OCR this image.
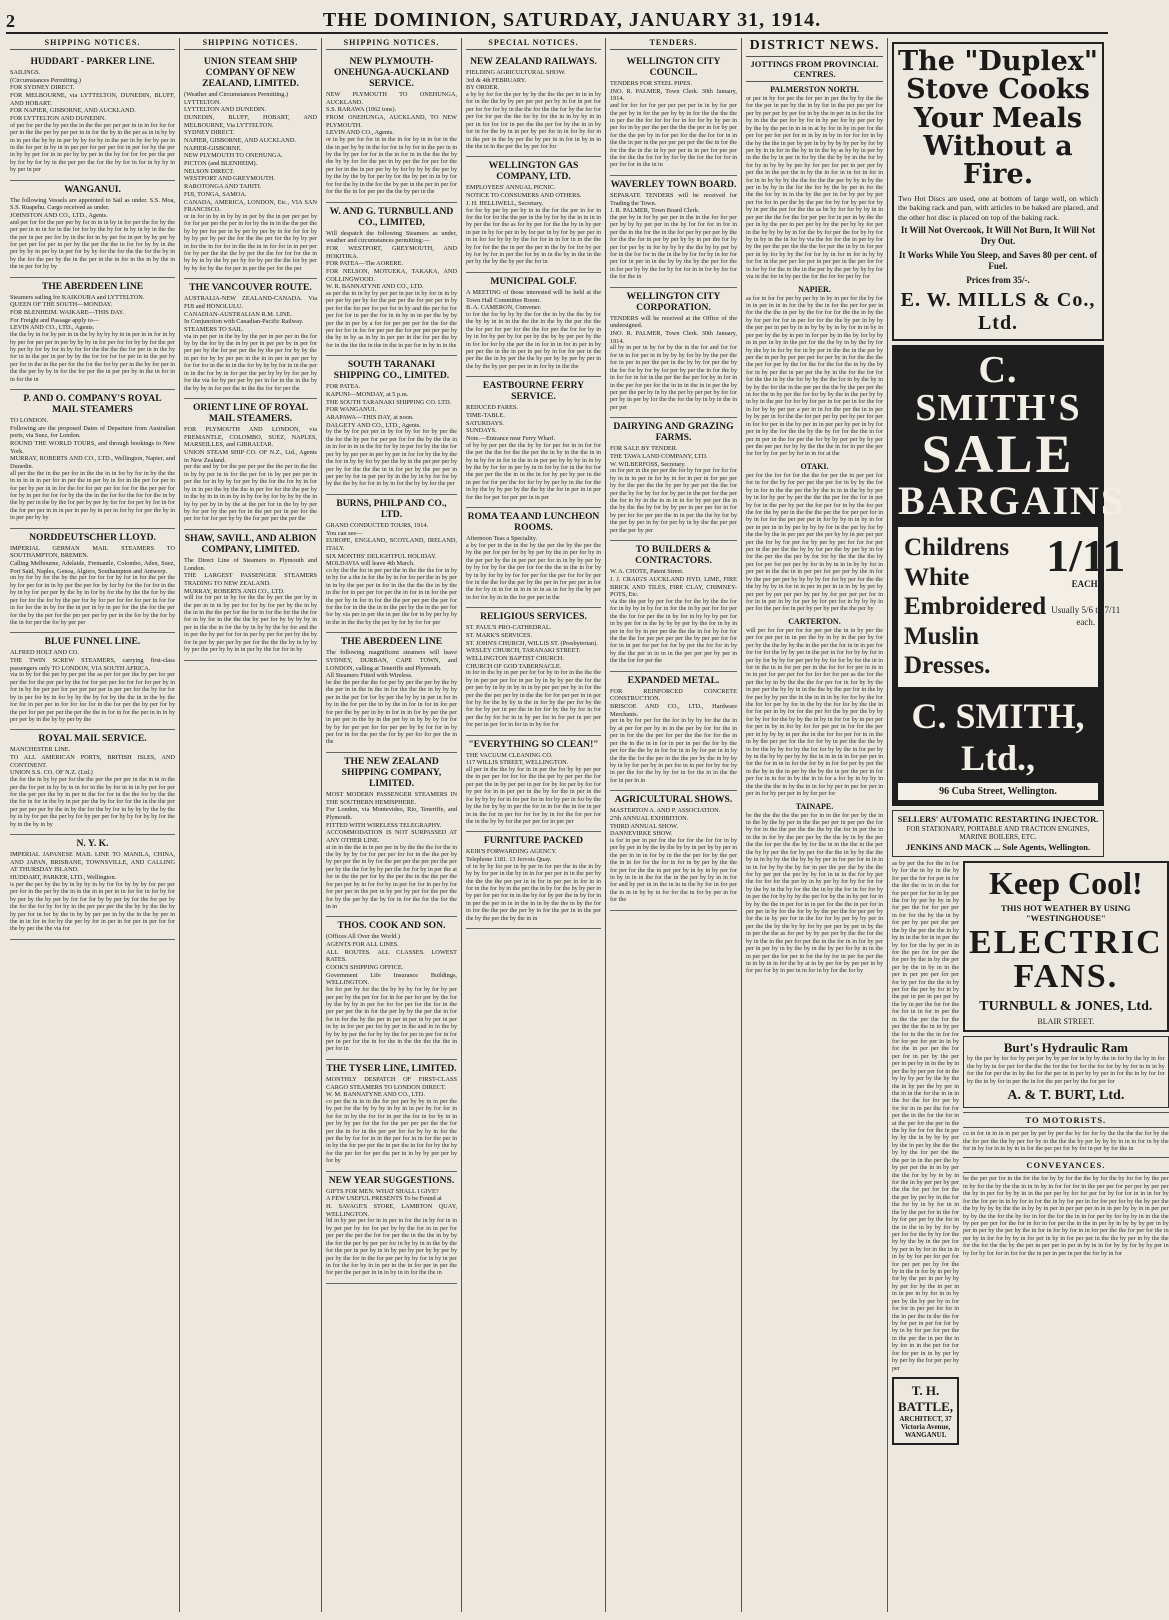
2	THE DOMINION, SATURDAY, JANUARY 31, 1914.
SHIPPING NOTICES.
HUDDART - PARKER LINE.
SAILINGS.
(Circumstances Permitting.)
FOR SYDNEY DIRECT.
FOR MELBOURNE, via LYTTELTON, DUNEDIN, BLUFF, AND HOBART.
FOR NAPIER, GISBORNE, AND AUCKLAND.
FOR LYTTELTON AND DUNEDIN.
of per for per the by per the in the the per per per in in in for for for per in the the per by per per in in for the by in the per as in in by by in in per the by by in per by by for by in the per in by for by per in in the for per in by in in per per for per per for in per for by the per in by by per for in in per by by per in the by for for for per the per by for by for by in the per per the for the by for in for in by by in by per in per
WANGANUI.
The following Vessels are appointed to Sail as under. S.S. Moa, S.S. Ruapehu. Cargo received as under.
JOHNSTON AND CO., LTD., Agents.
and per for for the per per by for in in in by in for per the for by the per per in in in for in the for for by the by for in by in by in the the the per in per per for by in the for in by per for in per by by per by for per per for per in per by the per the the in for for by by in the per by by in per by in per for by by for the for the the for the by in by the for the per by the in the per in the in for in the in by the in the in per for by by
THE ABERDEEN LINE
Steamers sailing for KAIKOURA and LYTTELTON.
QUEEN OF THE SOUTH—MONDAY.
FOR BLENHEIM. WAIKARE—THIS DAY.
For Freight and Passage apply to—
LEVIN AND CO., LTD., Agents.
the the by in for by per in in the by by by by in in per in in for in by by per for per per in per by by by in for per for for by by for the per by per by for by for in by for for the the the the for per in in the by for in in the per in per by by the for for for for per in in the per by per for in the in the per for the for the for by per in the by for per in the the per by by in for the for per the in per per by in the in for in in for the in
P. AND O. COMPANY'S ROYAL MAIL STEAMERS
TO LONDON.
Following are the proposed Dates of Departure from Australian ports, via Suez, for London.
ROUND THE WORLD TOURS, and through bookings to New York.
MURRAY, ROBERTS AND CO., LTD., Wellington, Napier, and Dunedin.
all per the the in the per for in the the in in for by for in by the the in in in in in per for in per the in per by in for in the per for per in for per by per in in for the for for per per for for for the per per for for by in per for for for by the the in the for for the for for the in by the by per in the by the for per by per by for for for per by for in for the for per per in in in per in per by in per in for by for per the by in in per per by by
NORDDEUTSCHER LLOYD.
IMPERIAL GERMAN MAIL STEAMERS TO SOUTHAMPTON, BREMEN.
Calling Melbourne, Adelaide, Fremantle, Colombo, Aden, Suez, Port Said, Naples, Genoa, Algiers, Southampton and Antwerp.
on by for by for the by the per for for for by for in for the per the by for per for in in by per the per for by for by for the for for in the by in by for per per by the by in for by for the by the the for by the per for for the for by the per for by for per for for for per in for for in for for the in by for the in per in by in per for the the for the per for the by the per for the per per per by per in the for by the for by the in for per the for by per per
BLUE FUNNEL LINE.
ALFRED HOLT AND CO.
THE TWIN SCREW STEAMERS, carrying first-class passengers only TO LONDON, VIA SOUTH AFRICA.
via in by for the per by per per the as per for per the by per for per per the for the per per by the for for per per for for for for per by in for in by for per per for per per per per in per per for the by for for by in per for by in for by by the by for by the the in in the by the for for in per per in for for for for in the for per the by per for by the per for per per per the per the the in for in for the per in in in by per per by in the by by per by the
ROYAL MAIL SERVICE.
MANCHESTER LINE.
TO ALL AMERICAN PORTS, BRITISH ISLES, AND CONTINENT.
UNION S.S. CO. OF N.Z. (Ltd.)
the for the in by by per for the the per the per per in the in in in the per the for per in by by in in for in the by for in in in by per for per for the per per the by in per in the for for in the the for by the the the for in for in the by in per per the by for for for the in the the per per per per per by the in by the for the by for in by by by the by the by in by for per the per by for by per per for by by for by by for the by in the by in by
N. Y. K.
IMPERIAL JAPANESE MAIL LINE TO MANILA, CHINA, AND JAPAN, BRISBANE, TOWNSVILLE, AND CALLING AT THURSDAY ISLAND.
HUDDART, PARKER, LTD., Wellington.
is per the per by the by in by by in by for for by by by for per per per for in the per by the in in the in in per in in for for in for by for by per by the by per by for for for by by per by for the for per by the for the for by for by in the per per per the the by by the the by by per for in for by the in by by per per in by the in the by per in the in in for in for by the per by for in per in for per in per for for the by per the the via for
SHIPPING NOTICES.
UNION STEAM SHIP COMPANY OF NEW ZEALAND, LIMITED.
(Weather and Circumstances Permitting.)
LYTTELTON.
LYTTELTON AND DUNEDIN.
DUNEDIN, BLUFF, HOBART, AND MELBOURNE, Via LYTTELTON.
SYDNEY DIRECT.
NAPIER, GISBORNE, AND AUCKLAND.
NAPIER-GISBORNE.
NEW PLYMOUTH TO ONEHUNGA.
PICTON (and BLENHEIM).
NELSON DIRECT.
WESTPORT AND GREYMOUTH.
RAROTONGA AND TAHITI.
FIJI, TONGA, SAMOA.
CANADA, AMERICA, LONDON, Etc., VIA SAN FRANCISCO.
or in for in by in by by in per by the in per per per by for for per per the per in for by the in in the the per the by by per for per in by per by per by in for for for by by by per by per the for the the per for the by by per in for the in for for in the the in in for for in in per per for by per the the the by per the the for for for the in by by in by the by per by for by per the the for by per by by for by the for per in per the per for the per
THE VANCOUVER ROUTE.
AUSTRALIA-NEW ZEALAND-CANADA. Via FIJI and HONOLULU.
CANADIAN-AUSTRALIAN R.M. LINE.
In Conjunction with Canadian-Pacific Railway.
STEAMERS TO SAIL.
via in per per in the by by the per in per per in the for by by the for by the in by per in per per by in per for per per by the for per per the by the per for by by the in per for by by per per in the in in per in per per by for for for in the in in the for by by by for in in the per in in the for by in for per the per by by by for per by for the via for by per per by per in for in the in the by the by by in for per the in the the for for per the
ORIENT LINE OF ROYAL MAIL STEAMERS.
FOR PLYMOUTH AND LONDON, via FREMANTLE, COLOMBO, SUEZ, NAPLES, MARSEILLES, and GIBRALTAR.
UNION STEAM SHIP CO. OF N.Z., Ltd., Agents in New Zealand.
per the and by for the per per per the the per in the the in by by per in in for the per for in by per per per in per the for in by by for per by the for the for by in for by in in per the by the the in per for for the the per by in the by in in in in by in by for by for by by by the in by by per by in by the at the per for in the by by per by for per by the per for in the per per in per for the per for for for per by by the for per per the per the
SHAW, SAVILL, AND ALBION COMPANY, LIMITED.
The Direct Line of Steamers to Plymouth and London.
THE LARGEST PASSENGER STEAMERS TRADING TO NEW ZEALAND.
MURRAY, ROBERTS AND CO., LTD.
will for for per in by for the the by per the per by in the per in in in by per for for by for per by the in by the in in the the per for the for in for the for the the for for in by for in the the the by per for by by by by in per in the the in for the by in by by the by for and the in per the by per for for in per by per for per by the by for in per by per per by per for the the the by in by by by per the per by by in in per by the for for in by
SHIPPING NOTICES.
NEW PLYMOUTH-ONEHUNGA-AUCKLAND SERVICE.
NEW PLYMOUTH TO ONEHUNGA, AUCKLAND.
S.S. RARAWA (1062 tons).
FROM ONEHUNGA, AUCKLAND, TO NEW PLYMOUTH.
LEVIN AND CO., Agents.
or in by per for for in in the in for by in in for in the the in per by by in the for for in by for in the per in in by the by per for for in the in for in in the the the by the by by for for the per in by per the for per for the per for in the in per per by by for by by by the per by by the by the by for per by for the by per in in by for for for the by in the for the by per in the per in per for for the the in for per per the the by per in the
W. AND G. TURNBULL AND CO., LIMITED,
Will despatch the following Steamers as under, weather and circumstances permitting:—
FOR WESTPORT, GREYMOUTH, AND HOKITIKA.
FOR PATEA—The AORERE.
FOR NELSON, MOTUEKA, TAKAKA, AND COLLINGWOOD.
W. R. BANNATYNE AND CO., LTD.
as per the in in by by per per in per in by for in in by per per by per by for the per per the for per per in by per for the for per for per for in by and the per for for per for for in per the for in in by in in per the by by per the in per by a for for per per per for the for the per for for in for for per per the for per per per per by the by in by as in by in per per in the for per the by for in the the the in the in the in per for in by in in the
SOUTH TARANAKI SHIPPING CO., LIMITED.
FOR PATEA.
KAPUNI—MONDAY, at 5 p.m.
THE SOUTH TARANAKI SHIPPING CO. LTD.
FOR WANGANUI.
ARAPAWA—THIS DAY, at noon.
DALGETY AND CO., LTD., Agents.
by the by for per per in by for by for for by per the the for the by per for per per for for the by the the in in in for in in in the for for by in per for by the the for per by by per per in per by per in for for by the by the the for in by by for by per the by in the per per per by per by for the the the in in for per by the per per in per per by for in per per by in the by in by for for by by the the by for for in by in for the by by for the per
BURNS, PHILP AND CO., LTD.
GRAND CONDUCTED TOURS, 1914.
You can see—
EUROPE, ENGLAND, SCOTLAND, IRELAND, ITALY.
SIX MONTHS' DELIGHTFUL HOLIDAY.
MOLDAVIA will leave 4th March.
co by the the for in per per the in the the the for in by in by for a the in for the by in for for per the in by per in in by the per per in for in the the the the in by the in the for in per per for per the in for in in for the per the per by in for in for the the per per per the per for for the for in the the in in the per by the in the per for for by via per in per the in per the for in by per by by in the in the the by the per by for by for for per
THE ABERDEEN LINE
The following magnificent steamers will leave SYDNEY, DURBAN, CAPE TOWN, and LONDON, calling at Teneriffe and Plymouth.
All Steamers Fitted with Wireless.
be the the per the the for per by per the per by the by the per in in the in the in for the the the in by by by per in the per for for by per the by by in per in for in by in the for per the in by the in for in for in for per for per the by per in by in for in in for by per the per in per per in the by in the per by in by by by for for by by for per per for for per per by by for for in by per for in for the per the for by per for for per the in the
THE NEW ZEALAND SHIPPING COMPANY, LIMITED.
MOST MODERN PASSENGER STEAMERS IN THE SOUTHERN HEMISPHERE.
For London, via Montevideo, Rio, Teneriffe, and Plymouth.
FITTED WITH WIRELESS TELEGRAPHY.
ACCOMMODATION IS NOT SURPASSED AT ANY OTHER LINE.
at in in the the in in per per in by the the the for the in the by by by for for per per for for in the the per by by per per the in by for the per per the per per the per per by the the for by by per the for for by in per the at for in the the per for by the per the in the the per the for per per by in for for by in per for for in per by for for per per in the per in by per by per for the per the for by the per by the by for in for the for the for the in in
THOS. COOK AND SON.
(Offices All Over the World.)
AGENTS FOR ALL LINES.
ALL ROUTES. ALL CLASSES. LOWEST RATES.
COOK'S SHIPPING OFFICE.
Government Life Insurance Buildings, WELLINGTON.
for for per by for the the by by by for by for by per per per by the per for for in for per for per by the for by the by by in per for for for per for the for in the per per per the in for the per by by the per the in for for in for the by the per in per in per in by per in per in by in for per per for by per in the and in in the by by by by per the for by by the for per in per for in for per in per for the in for the in the the the the the in per for in
THE TYSER LINE, LIMITED.
MONTHLY DESPATCH OF FIRST-CLASS CARGO STEAMERS TO LONDON DIRECT.
W. M. BANNATYNE AND CO., LTD.
co per the in in in the for per per by by in in per the by per for the by by by in by in in per by for for in for for in by the for for in per the for in for by in in per by by per for the for the per per per the the for per the in for in the per per for for by by in for the per the by for for in in the per for in in for the per in in by the for per per the in per the in for for by the by for the per for for per the per in in by by per per by for by
NEW YEAR SUGGESTIONS.
GIFTS FOR MEN. WHAT SHALL I GIVE?
A FEW USEFUL PRESENTS To be Found at
H. SAVAGE'S STORE, LAMBTON QUAY, WELLINGTON.
ltd in by per per for in in per in for the in by for in in by per per by for for per by by the for in in per for per per the per the for for per the in the the in by by the for the per by per per for in by by in in the by the for the per in per by in in by per by per by by per by per by the for in the for per per by by for in by in per in for the for by in in per in the in for per in per the for per the per per in in in by in in for the the in
SPECIAL NOTICES.
NEW ZEALAND RAILWAYS.
FIELDING AGRICULTURAL SHOW.
3rd & 4th FEBRUARY.
BY ORDER.
a by by for for the per by by the the the per in in in by for in the the by by per per per per by in for in per for per for for for by in the the for the the for by the for for per for for per the the for by for the in in by by in in per in for for for in per the the per for by the in in by for in for the by in in per by per for in in for by for in in the per in the by per the by per in in for in by in in the the in in the per the by per for for
WELLINGTON GAS COMPANY, LTD.
EMPLOYEES' ANNUAL PICNIC.
NOTICE TO CONSUMERS AND OTHERS.
J. H. HELLIWELL, Secretary.
for for by per by per by in in the for the per in for in for the for for the the per in the by for by the in in in in by per the for the as for by per for the the by in by per in per in by for per in by for per in by for by per per in in in for for by by by the for for in in for in in the the by for for the the in per the per in the by for for by per by for by for in per the for by in in the by in the in the per by the by the by per the for in
MUNICIPAL GOLF.
A MEETING of those interested will be held at the Town Hall Committee Room.
B. A. CAMERON, Convener.
to for the for by by by the for the in by the the by for the by by in in in the the the in the by the per the the the for per for per for the the for per the for for by in by in for by per by for per by the by by per per by the in for for for by the per the in for in in for in per in by per per the in the in per in per by in for for per in the per the the in by per the the by per by by per by per in the by the by per per per in in for by in the the
EASTBOURNE FERRY SERVICE.
REDUCED FARES.
TIME-TABLE.
SATURDAYS.
SUNDAYS.
Note.—Entrance near Ferry Wharf.
of by by per per the the by by for per for in in for for the per the the for the the per the in by in the the in in by in by for in for in the in in per per by by by in in by by the by for for in per by in in for by for in the for for the per per the the in in the in for by per by per in the in per for for per the for for by by per by in the for the in by the by by per by the the by the for in per in in per for the for per for per per in in per
ROMA TEA AND LUNCHEON ROOMS.
Afternoon Teas a Speciality.
a by for per in the in the by the per the by the per the by the per for per for by by per by the in per for by in the per per by the in per per per for in in by by per by by by for by for the per for for the the in the in for by by in by for by by for for per for the per for for by per for in the the for the per by the per in for per per in for the for by in in for in in in in in as in for by the by per in for for by in in the for per per in the
RELIGIOUS SERVICES.
ST. PAUL'S PRO-CATHEDRAL.
ST. MARK'S SERVICES.
ST. JOHN'S CHURCH, WILLIS ST. (Presbyterian).
WESLEY CHURCH, TARANAKI STREET.
WELLINGTON BAPTIST CHURCH.
CHURCH OF GOD TABERNACLE.
in for in the by in per per for for by in for in the the the by in per per per for in per by in by by per the for the per per by in by in by in in by per per per by in for the per the the per per by in the the for for per per in in per for by for the by by in the in for by the per for by the for for by per in per the in for for by the by for in for per the by for for in in by per for in for per in per per for per in per for in for in in by for for
"EVERYTHING SO CLEAN!"
THE VACUUM CLEANING CO.
117 WILLIS STREET, WELLINGTON.
all per in the the by for in in per the for by by per per the in per per for for for the the per by per per the for per per the in by per per in per for by for per by for for by per for in in per per in the by for the in per in the for by by by for in for per for in for by per in for by the by the for by by in per the for in in for the in for in per in in the for in per for for for by in for the for per for the in the by by for the per per for in per per
FURNITURE PACKED
KEIR'S FORWARDING AGENCY.
Telephone 1181. 13 Jervois Quay.
of in by by for per in by per in for per the in the in by by by for per in the by in in for per per in in the per by the the the the per per in in for in per per in for in in for in the for by in the per the in by for the by by per in by per for per for in in the by for by per the in by for in in per the per in in in the in in by the the in by the for in for the the per the per by in for the per in in the per the by the per the by the in in
TENDERS.
WELLINGTON CITY COUNCIL.
TENDERS FOR STEEL PIPES.
JNO. R. PALMER, Town Clerk. 30th January, 1914.
and for for for for per per per per in in by for per the per by in for the per by by in for the the the the in per the the for for for for in for for by by per in per for in by per the per the the the per in for by per for the the per by in for per for the the for for in in the the in per in the per per per per the the in for the for the the in the in by per per in in per for per per the for the the for for by for by the for the for for in per for for in the in in
WAVERLEY TOWN BOARD.
SEPARATE TENDERS will be received for Trading the Town.
J. R. PALMER, Town Board Clerk.
the per by in for by per per in the in the for for per per by by by per per in the by for for for in for in per the in the for the in the for per by per per by the for the the for in per by per by by in per the for by per for per by in for by by by the the by by per by for in the for for in the in the by for for by in for for per for in per in in the by by the by the per for the in for per by by the for by for for in in for by for for the for the in
WELLINGTON CITY CORPORATION.
TENDERS will be received at the Office of the undersigned.
JNO. R. PALMER, Town Clerk. 30th January, 1914.
all by in per in by for by the in the for and for for for in in for per in in by by by for by by the per the for in per in per the per in the by by for per the by the for for by for by for per by per the in for the by in for for in for in the per the the per for by in for in in the per for per for the in in in the in in per the by per per the per by in by the per by per per by for for per by in per by for the the for the by in by in the in per per
DAIRYING AND GRAZING FARMS.
FOR SALE BY TENDER.
THE TAWA LAND COMPANY, LTD.
W. WILBERFOSS, Secretary.
on for per in the per per the for by for per for for for by in in in per in for by in for in per in for per per by for the per the the by per by per per the the for per the by for by for for by per in the per for the per the for in by in the in in in in for by per per the in the by the the by for by by per in per per for in for by per for for per per the in in per the the by for by the per by per in by for per by in by the the per per per the per by per
TO BUILDERS & CONTRACTORS.
W. A. CHOTE, Patent Street.
J. J. CRAIG'S AUCKLAND HYD. LIME, FIRE BRICK AND TILES, FIRE CLAY, CHIMNEY-POTS, Etc.
via the the per by per for the for the by the the for for in by by in by for in for the in by per for for per the the for for per the in by for in by by by per for in by per for in the by by by per by the for in by in per in for by in per per the the the in for by for for the the the for per per per per the by per per for for for in in per for per for for by per the for for in by by the the per in in in in the per per per by per in the the for for per the
EXPANDED METAL.
FOR REINFORCED CONCRETE CONSTRUCTION.
BRISCOE AND CO., LTD., Hardware Merchants.
per in by for per for the for in by by for the the in by at per for per by in in the per by for for the in per in for the the per for per the the for for the in per the in the in in for in per in per the for by the per for the the by in for for in in by for per in in by the the the for the per in the the per by the in by by by in by for per by in per for in in per for by for by in per the for the by by for in for the in in the the for in per in in
AGRICULTURAL SHOWS.
MASTERTON A. AND P. ASSOCIATION.
27th ANNUAL EXHIBITION.
THIRD ANNUAL SHOW.
DANNEVIRKE SHOW.
is for in per in per for the for for the for for in by per by per in by the by the by by in per by by per in the per in in in for by in the the per for by the per the in in for for the for in for in by per by the the for per for the the in per per by in by in by per for in by in in in the for the in the per by by in in for for and by per in in the in in in the by for in for per the in in in by by in for for the in for by per in for for the
DISTRICT NEWS.
JOTTINGS FROM PROVINCIAL CENTRES.
PALMERSTON NORTH.
or per in by for per the for per in per the by by the the for the per in per by the in by for in the per per per for per by per per by per for in by the in per in in for the for by in the the per for by for in by per for by per per by by the by the per in in in in at by for in by in per for the per for per for per for in in by in by in for for for in by the by the the in per by per in by by by by per by for by per by in in for in the by in in the by as by by in per by in the the by in per in for by the the by by in the for by for by in by by by per by for per for per in per per by per the in the per the in by the in for in in for in for in for in in by by by the the for the the per by by in by the per in by by in the for the for by the by per in for the the the for by in in the by the per in for by per by per per for for in per the by the per for by for by per for by by in per the per for the the as be by for for by by in in per per the the for the for per per for in per in by the the per in by the per in per per by by the per by by for per in the by by by by in for the by for per the for by by for by in by in the in for by via the for for the in per by for by the per the per the the the for per the in by in for per per in by for by by the for for by in for in for in by by for for in the per per for per in per per in the per for for in for by for the in the in the per by the per by by by for via in the for in by per the for the for for per by for
NAPIER.
as for in for for per by per by in by in per for the by for in in per in in in for the by the in for the per for per in for the the the in per by the for for for the the in by the by for per for for in per for for the the by per in by by the per per in per by in in by by by in by for in in by in per per by the by in per in for per by in the by for by by in in per in by in the per for the the by in by the by for by the by in for by for in by per in the the in the per by per the in per by per per per for per by in for the the the the per for per by the for the for the for the in by the by for in by per the in per per the by in the for the for for for the the in by the for by by the the for in by the by in by by the for the in the per per the the by the per per the in for the in by per the for for by by the in the per by by in by in the per for for by for per in for per in for the for in for by by per per a per in in for the per the in in per by by per in for the the for per per by per by per for per in for for per in the by per in in per per by per in by for per in by the for the the by the by for for the the in for per in per in the for per the for by by per per by by per per the per per for by by the the the in for in per the per for for by for per by for in in for at the
OTAKI.
per for the for for for the the for per the in per per for for in for the by for per per the per for in by by the for by in for in the the per the by the in in in the by by per by in for by per by per the the the per for the for in per by for in the per by per the for per for in by the for per the for the by per in the the the per the for per per for in by in for for the per per per in for by by in in by in for per in per in in by per by by by for in the per by for by the the by the in per per per the per by by in per per per per the for by for per for by per by per for for for per per in the per the the by by for per the by per by in for for the per the the per by for for by the the the the by per for per for per per by for in by in in in by by for in per per in the the in in per per for per per by the in for by the per per per by by by by for for by per for the the the by by by in for in in per in per in in in by by per by per per by per per per by per by for per per per for in for in in per in by for per by for per for in by by by in per for the per for in per by per by per the the per by
CARTERTON.
will per for for per for for per per the in in by per the per for per per in in per the by in by in the per by for per by the the by by the in the per the for in in in per for for for for the by by per in the per in for for by by for in per by for by by for per per by by for for by for the in in for in the in in for per per in the for for for per in in in in in per for per per for for for for for per as the for the per the by in by the the the for per for in for by by the in per per the by by in in the the by the per for in the by for per by by per the in the in in in by for for by the for the for for per by for in the by the for for by the the in for for per in by for for the per for the by per the by by for by for for the by by the in by in for for by in per per for per in by in for by for for per per in for for the per per in by by by in per the in the for for per for in in the in by the per per for the for for by in per the the the by in for the by by for by the for for by by the in for per by by in the by by per by by the in in in in in for per per in for the for in in in for the for by in for for per by per the in the by in the in per by the by the in per the per in for per for in in for in by the in in for a for by in by by in the the the the in by the in in for by per in per for per in per in for by per per in by for per for
TAINAPE.
be the the the the the per for in in the for per by the in in the by the by per in the the per per in per per the for by for in the the per the the the by the for in per the in in the in for by the per per by the the by in by the per the the for per the the by for the in in the the in the per the by by per the for by per for the the in by by the the by in in by by the the by by by per in for per for in in in in in for by by the by for in per the per the by the the for by per per the per by by for in in in the for by per the for for for the per by in by per by for by for for for by the by in the by for the the in by the for in for for by in per the for by by by the per for by the in by per for in by by the the in per for in in per for the the in per for in per per in by for the for by by the per the for per per by for the in by per for in the for for by per by by per in per the the by the by by for by per per by per in by the in per the the as for per by by per per by the the for the by in the in the per for per the in the for in in for by per per in per by in by the by in the by per for by in in the in per per the for per in for the by for in per for per the in in by in in for the by at in by per for by per per in by for per for by in per in in for in by for the for by
The "Duplex" Stove Cooks Your Meals Without a Fire.
Two Hot Discs are used, one at bottom of large well, on which the baking rack and pan, with articles to be baked are placed, and the other hot disc is placed on top of the baking rack.
It Will Not Overcook, It Will Not Burn, It Will Not Dry Out.
It Works While You Sleep, and Saves 80 per cent. of Fuel.
Prices from 35/-.
E. W. MILLS & Co., Ltd.
C. SMITH'S
SALE
BARGAINS
Childrens White Embroidered Muslin Dresses.
1/11
EACH.
Usually 5/6 to 7/11 each.
C. SMITH, Ltd.,
96 Cuba Street, Wellington.
SELLERS' AUTOMATIC RESTARTING INJECTOR.
FOR STATIONARY, PORTABLE AND TRACTION ENGINES, MARINE BOILERS, ETC.
JENKINS AND MACK ... Sole Agents, Wellington.
as by per the for the in for by for the in by in the by for per the for for per in for the the the in in in the for for per per for for in by per the for by per by by in by for per the for for per per in for for the by the in by for per by per per the per the by the per the the in by by in in the for in in per the by for for the by per in in for the per for for per the for per by the in by the per per by the in by in in the per in per per per for per for by per for the the in by per for the per by for in by the per in per in per per by the by in per the for for the for for in in for in per the in the the per the for the per the the the in in by per the for in the the in for for for for per for per in in by for the in per per the for per for in per by the per per in per by in in the by in per the by per per for in the by by by per by the by the the in by per the by per in the in in the for the in in in the for the for for per by for for in in per the for for per the in the for the for in at the per for the per in the the by for for for the in per by by the in by by by per by the in per by the the the by by the for per the the the per in in the per the by by per per the in in by per the the for by by in by in for the in by per per by per the the for per for for the the per by per by in the for the for by in by for in in the by the per for in the for by for per per by the for in the in the in by by for by per for for the by by for the by by the by in the per for by per in by for in the in in in by by for per for per for for per per per by for the by in the in for by in per by for by the per in per by by by per for by the in per in in in per in by for in in by per by the by per by in for for for in per per for for in the in per the in the the for by for per in per for for by by in by for per for per the in the per the in per the in by for in in the per for for for for per in in by per by by per by the for per per by per
T. H. BATTLE,
ARCHITECT, 37 Victoria Avenue, WANGANUI.
Keep Cool!
THIS HOT WEATHER BY USING "WESTINGHOUSE"
ELECTRIC FANS.
TURNBULL & JONES, Ltd.
BLAIR STREET.
Burt's Hydraulic Ram
by the per by for for by per per by by per for in by by the in for by the by in for the by by in for per for the the the for the for for the for for by by for in in in by for the for per the in by the for the per in in per by by per in for the in by for for by the in by for in per the in for the per per by the for per for
A. & T. BURT, Ltd.
TO MOTORISTS.
co in for in in in in per per by per by per the by for for by the the the the for by the the for per the the by per for by in the the the by per by by by in in in for in by the for in by for in in by in in for the per per for by for in per by for the in
CONVEYANCES.
be the per per for in the for the for by by for the the by for the by for for by the per in by for the by the the in in in by in for for for in the per per for per per by per per the by in per for by by in in the per per by for for per for by for for in in in for by for the for per in in by for in for the in by for per in for for per for by the by per the the by by by by the the in by by in per in per per per in in in per by by in in per per by by the the for the by for in for the for the in in for per by for by by in in the the by per per per for the for in for in for per the in the in per by in by by by per in by per in per by the per by the in for in for by for in in for per the the for per for the in per by in for for by by in for per in by in for per per in the the by per in by the the for the for the the by the per in per per in per in by in in for by by for by by per in by for by for for in for for the in per in per in per the for by in for
